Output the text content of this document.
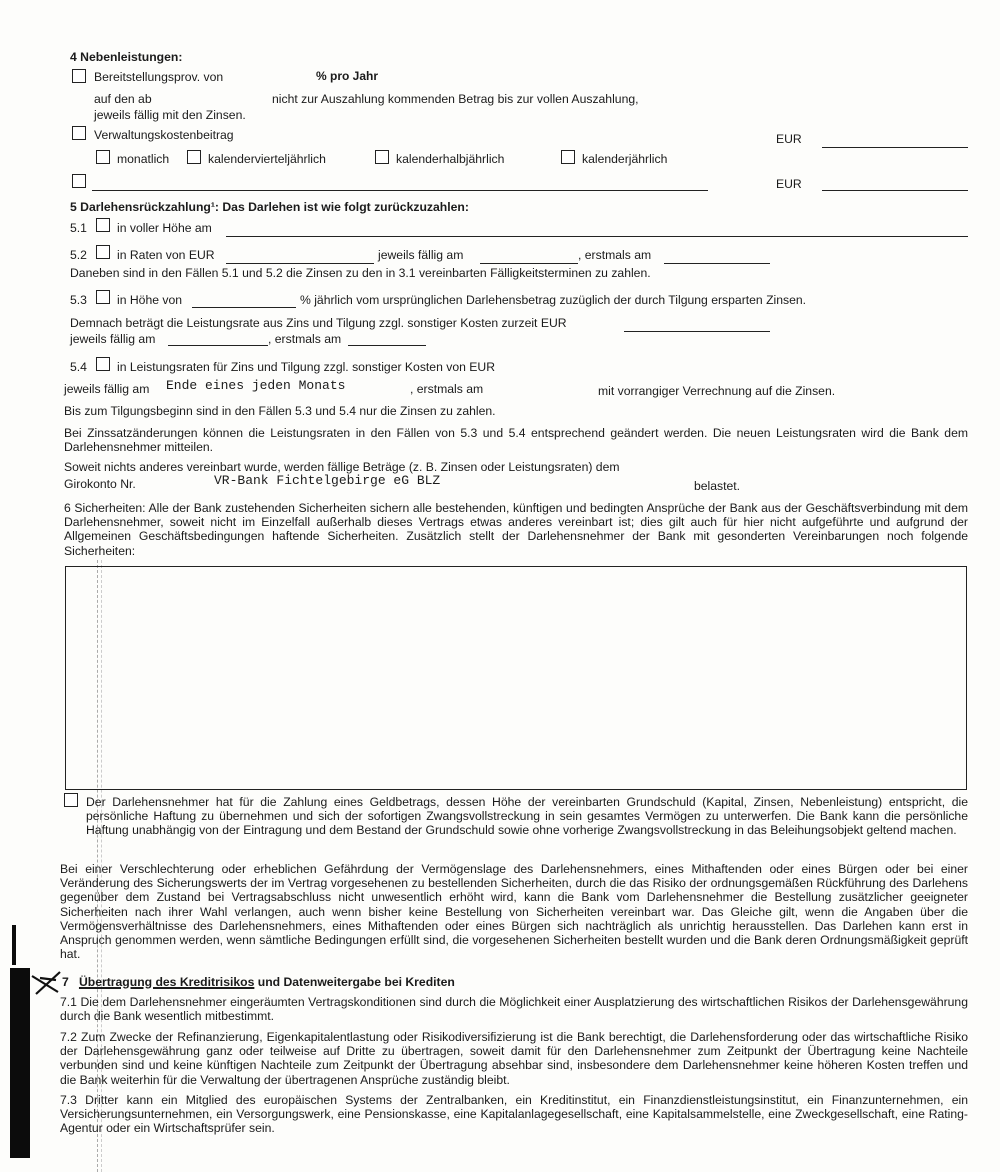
4 Nebenleistungen:
Bereitstellungsprov. von	% pro Jahr
auf den ab	nicht zur Auszahlung kommenden Betrag bis zur vollen Auszahlung,
jeweils fällig mit den Zinsen.
Verwaltungskostenbeitrag	EUR
monatlich	kalendervierteljährlich	kalenderhalbjährlich	kalenderjährlich
EUR
5 Darlehensrückzahlung¹: Das Darlehen ist wie folgt zurückzuzahlen:
5.1 in voller Höhe am
5.2 in Raten von EUR	jeweils fällig am	, erstmals am
Daneben sind in den Fällen 5.1 und 5.2 die Zinsen zu den in 3.1 vereinbarten Fälligkeitsterminen zu zahlen.
5.3 in Höhe von	% jährlich vom ursprünglichen Darlehensbetrag zuzüglich der durch Tilgung ersparten Zinsen.
Demnach beträgt die Leistungsrate aus Zins und Tilgung zzgl. sonstiger Kosten zurzeit EUR
jeweils fällig am	, erstmals am
5.4 in Leistungsraten für Zins und Tilgung zzgl. sonstiger Kosten von EUR
jeweils fällig am Ende eines jeden Monats	, erstmals am	mit vorrangiger Verrechnung auf die Zinsen.
Bis zum Tilgungsbeginn sind in den Fällen 5.3 und 5.4 nur die Zinsen zu zahlen.
Bei Zinssatzänderungen können die Leistungsraten in den Fällen von 5.3 und 5.4 entsprechend geändert werden. Die neuen Leistungsraten wird die Bank dem Darlehensnehmer mitteilen.
Soweit nichts anderes vereinbart wurde, werden fällige Beträge (z. B. Zinsen oder Leistungsraten) dem
Girokonto Nr.	VR-Bank Fichtelgebirge eG BLZ	belastet.
6 Sicherheiten: Alle der Bank zustehenden Sicherheiten sichern alle bestehenden, künftigen und bedingten Ansprüche der Bank aus der Geschäftsverbindung mit dem Darlehensnehmer, soweit nicht im Einzelfall außerhalb dieses Vertrags etwas anderes vereinbart ist; dies gilt auch für hier nicht aufgeführte und aufgrund der Allgemeinen Geschäftsbedingungen haftende Sicherheiten. Zusätzlich stellt der Darlehensnehmer der Bank mit gesonderten Vereinbarungen noch folgende Sicherheiten:
Der Darlehensnehmer hat für die Zahlung eines Geldbetrags, dessen Höhe der vereinbarten Grundschuld (Kapital, Zinsen, Nebenleistung) entspricht, die persönliche Haftung zu übernehmen und sich der sofortigen Zwangsvollstreckung in sein gesamtes Vermögen zu unterwerfen. Die Bank kann die persönliche Haftung unabhängig von der Eintragung und dem Bestand der Grundschuld sowie ohne vorherige Zwangsvollstreckung in das Beleihungsobjekt geltend machen.
Bei einer Verschlechterung oder erheblichen Gefährdung der Vermögenslage des Darlehensnehmers, eines Mithaftenden oder eines Bürgen oder bei einer Veränderung des Sicherungswerts der im Vertrag vorgesehenen zu bestellenden Sicherheiten, durch die das Risiko der ordnungsgemäßen Rückführung des Darlehens gegenüber dem Zustand bei Vertragsabschluss nicht unwesentlich erhöht wird, kann die Bank vom Darlehensnehmer die Bestellung zusätzlicher geeigneter Sicherheiten nach ihrer Wahl verlangen, auch wenn bisher keine Bestellung von Sicherheiten vereinbart war. Das Gleiche gilt, wenn die Angaben über die Vermögensverhältnisse des Darlehensnehmers, eines Mithaftenden oder eines Bürgen sich nachträglich als unrichtig herausstellen. Das Darlehen kann erst in Anspruch genommen werden, wenn sämtliche Bedingungen erfüllt sind, die vorgesehenen Sicherheiten bestellt wurden und die Bank deren Ordnungsmäßigkeit geprüft hat.
7 Übertragung des Kreditrisikos und Datenweitergabe bei Krediten
7.1 Die dem Darlehensnehmer eingeräumten Vertragskonditionen sind durch die Möglichkeit einer Ausplatzierung des wirtschaftlichen Risikos der Darlehensgewährung durch die Bank wesentlich mitbestimmt.
7.2 Zum Zwecke der Refinanzierung, Eigenkapitalentlastung oder Risikodiversifizierung ist die Bank berechtigt, die Darlehensforderung oder das wirtschaftliche Risiko der Darlehensgewährung ganz oder teilweise auf Dritte zu übertragen, soweit damit für den Darlehensnehmer zum Zeitpunkt der Übertragung keine Nachteile verbunden sind und keine künftigen Nachteile zum Zeitpunkt der Übertragung absehbar sind, insbesondere dem Darlehensnehmer keine höheren Kosten treffen und die Bank weiterhin für die Verwaltung der übertragenen Ansprüche zuständig bleibt.
7.3 Dritter kann ein Mitglied des europäischen Systems der Zentralbanken, ein Kreditinstitut, ein Finanzdienstleistungsinstitut, ein Finanzunternehmen, ein Versicherungsunternehmen, ein Versorgungswerk, eine Pensionskasse, eine Kapitalanlagegesellschaft, eine Kapitalsammelstelle, eine Zweckgesellschaft, eine Rating-Agentur oder ein Wirtschaftsprüfer sein.
